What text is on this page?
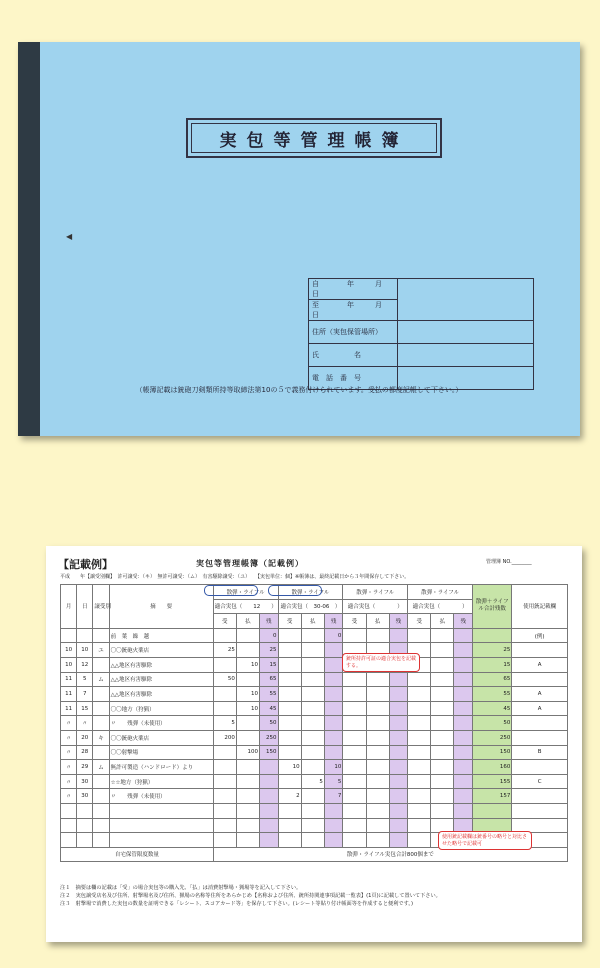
実包等管理帳簿
◀
自　　　　年　　　月　　　日	
至　　　　年　　　月　　　日	
住所（実包保管場所）	
氏　　　　　名	
電　話　番　号	
（帳簿記載は銃砲刀剣類所持等取締法第10の５で義務付けられています。受払の都度記帳して下さい。）
【記載例】	実包等管理帳簿（記載例）	管理簿 NO.________
平成　　年【譲受別欄】　許可譲受：（キ）　無許可譲受：（ム）　有害駆除譲受：（ユ）　　【実包単位：個】※帳簿は、最終記載日から３年間保存して下さい。
月	日	譲受別	摘　　要	散弾・ライフル			散弾・ライフル			散弾・ライフル			散弾・ライフル			散弾＋ライフル合計残数	使用銃記載欄
				適合実包（　　12　　）			適合実包（　30-06　）			適合実包（　　　　）			適合実包（　　　　）				
				受	払	残	受	払	残	受	払	残	受	払	残		
			前　葉　繰　越			0			0								(例)
10	10	ユ	〇〇銃砲火薬店	25		25										25	
10	12		△△地区有害駆除		10	15										15	A
11	5	ム	△△地区有害駆除	50		65										65	
11	7		△△地区有害駆除		10	55										55	A
11	15		〇〇地方（狩猟）		10	45										45	A
〃	〃		〃　　残弾（未使用）	5		50										50	
〃	20	キ	〇〇銃砲火薬店	200		250										250	
〃	28		〇〇射撃場		100	150										150	B
〃	29	ム	無許可製造（ハンドロード）より				10		10							160	
〃	30		☆☆地方（狩猟）					5	5							155	C
〃	30		〃　　残弾（未使用）				2		7							157	

自宅保管限度数量				散弾・ライフル実包合計800個まで													
銃所持許可証の適合実包を記載する。
使用銃記載欄は銃番号の略号と対比させた略号で記載可
注１　摘要は欄の記載は「受」の場合実包等の購入先、「払」は消費射撃場・猟場等を記入して下さい。
注２　実包譲受店名及び住所、射撃場名及び住所、猟場の名称等住所をあらかじめ【名称および住所、銃所持関連事項記載一覧表】(1頁)に記載して置いて下さい。
注３　射撃場で消費した実包の数量を証明できる「レシート、スコアカード等」を保存して下さい。(レシート等貼り付け帳面等を作成すると便利です。)
